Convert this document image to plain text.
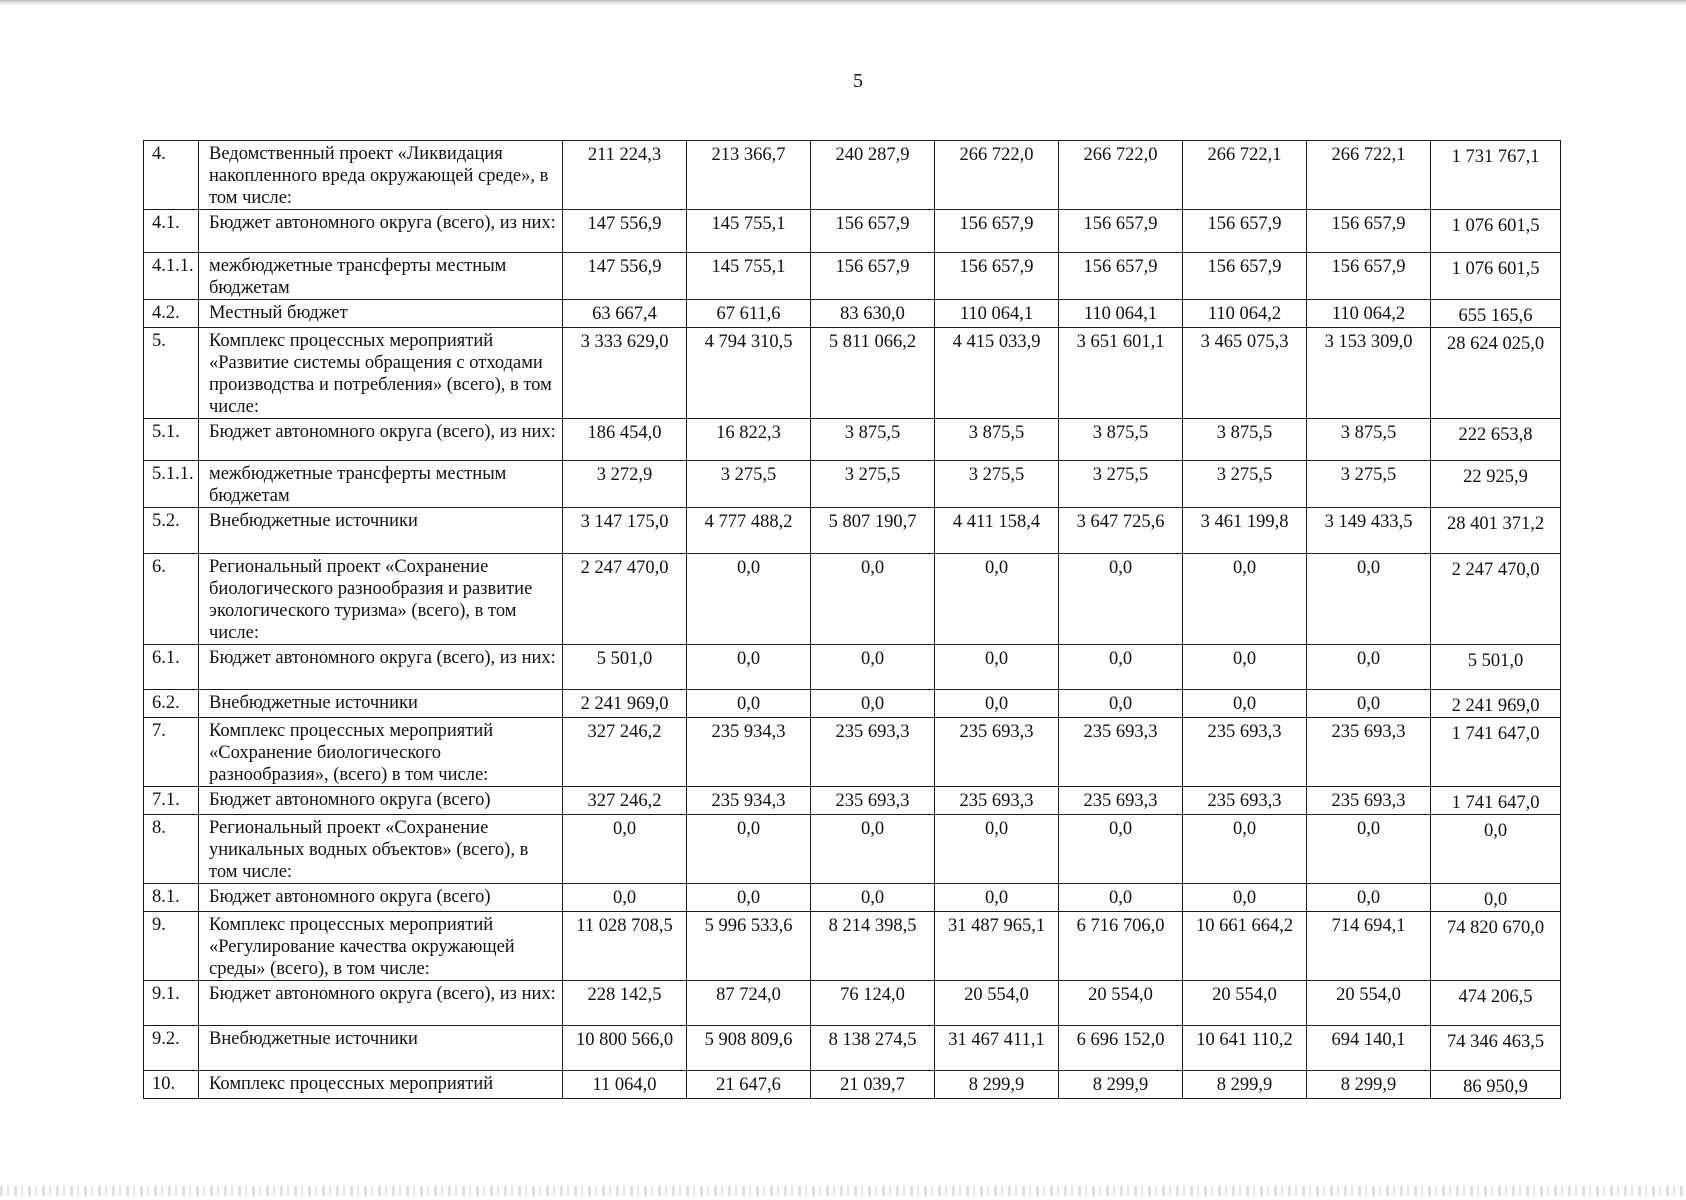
5
4.	Ведомственный проект «Ликвидация накопленного вреда окружающей среде», в том числе:	211 224,3	213 366,7	240 287,9	266 722,0	266 722,0	266 722,1	266 722,1	1 731 767,1
4.1.	Бюджет автономного округа (всего), из них:	147 556,9	145 755,1	156 657,9	156 657,9	156 657,9	156 657,9	156 657,9	1 076 601,5
4.1.1.	межбюджетные трансферты местным бюджетам	147 556,9	145 755,1	156 657,9	156 657,9	156 657,9	156 657,9	156 657,9	1 076 601,5
4.2.	Местный бюджет	63 667,4	67 611,6	83 630,0	110 064,1	110 064,1	110 064,2	110 064,2	655 165,6
5.	Комплекс процессных мероприятий «Развитие системы обращения с отходами производства и потребления» (всего), в том числе:	3 333 629,0	4 794 310,5	5 811 066,2	4 415 033,9	3 651 601,1	3 465 075,3	3 153 309,0	28 624 025,0
5.1.	Бюджет автономного округа (всего), из них:	186 454,0	16 822,3	3 875,5	3 875,5	3 875,5	3 875,5	3 875,5	222 653,8
5.1.1.	межбюджетные трансферты местным бюджетам	3 272,9	3 275,5	3 275,5	3 275,5	3 275,5	3 275,5	3 275,5	22 925,9
5.2.	Внебюджетные источники	3 147 175,0	4 777 488,2	5 807 190,7	4 411 158,4	3 647 725,6	3 461 199,8	3 149 433,5	28 401 371,2
6.	Региональный проект «Сохранение биологического разнообразия и развитие экологического туризма» (всего), в том числе:	2 247 470,0	0,0	0,0	0,0	0,0	0,0	0,0	2 247 470,0
6.1.	Бюджет автономного округа (всего), из них:	5 501,0	0,0	0,0	0,0	0,0	0,0	0,0	5 501,0
6.2.	Внебюджетные источники	2 241 969,0	0,0	0,0	0,0	0,0	0,0	0,0	2 241 969,0
7.	Комплекс процессных мероприятий «Сохранение биологического разнообразия», (всего) в том числе:	327 246,2	235 934,3	235 693,3	235 693,3	235 693,3	235 693,3	235 693,3	1 741 647,0
7.1.	Бюджет автономного округа (всего)	327 246,2	235 934,3	235 693,3	235 693,3	235 693,3	235 693,3	235 693,3	1 741 647,0
8.	Региональный проект «Сохранение уникальных водных объектов» (всего), в том числе:	0,0	0,0	0,0	0,0	0,0	0,0	0,0	0,0
8.1.	Бюджет автономного округа (всего)	0,0	0,0	0,0	0,0	0,0	0,0	0,0	0,0
9.	Комплекс процессных мероприятий «Регулирование качества окружающей среды» (всего), в том числе:	11 028 708,5	5 996 533,6	8 214 398,5	31 487 965,1	6 716 706,0	10 661 664,2	714 694,1	74 820 670,0
9.1.	Бюджет автономного округа (всего), из них:	228 142,5	87 724,0	76 124,0	20 554,0	20 554,0	20 554,0	20 554,0	474 206,5
9.2.	Внебюджетные источники	10 800 566,0	5 908 809,6	8 138 274,5	31 467 411,1	6 696 152,0	10 641 110,2	694 140,1	74 346 463,5
10.	Комплекс процессных мероприятий	11 064,0	21 647,6	21 039,7	8 299,9	8 299,9	8 299,9	8 299,9	86 950,9
